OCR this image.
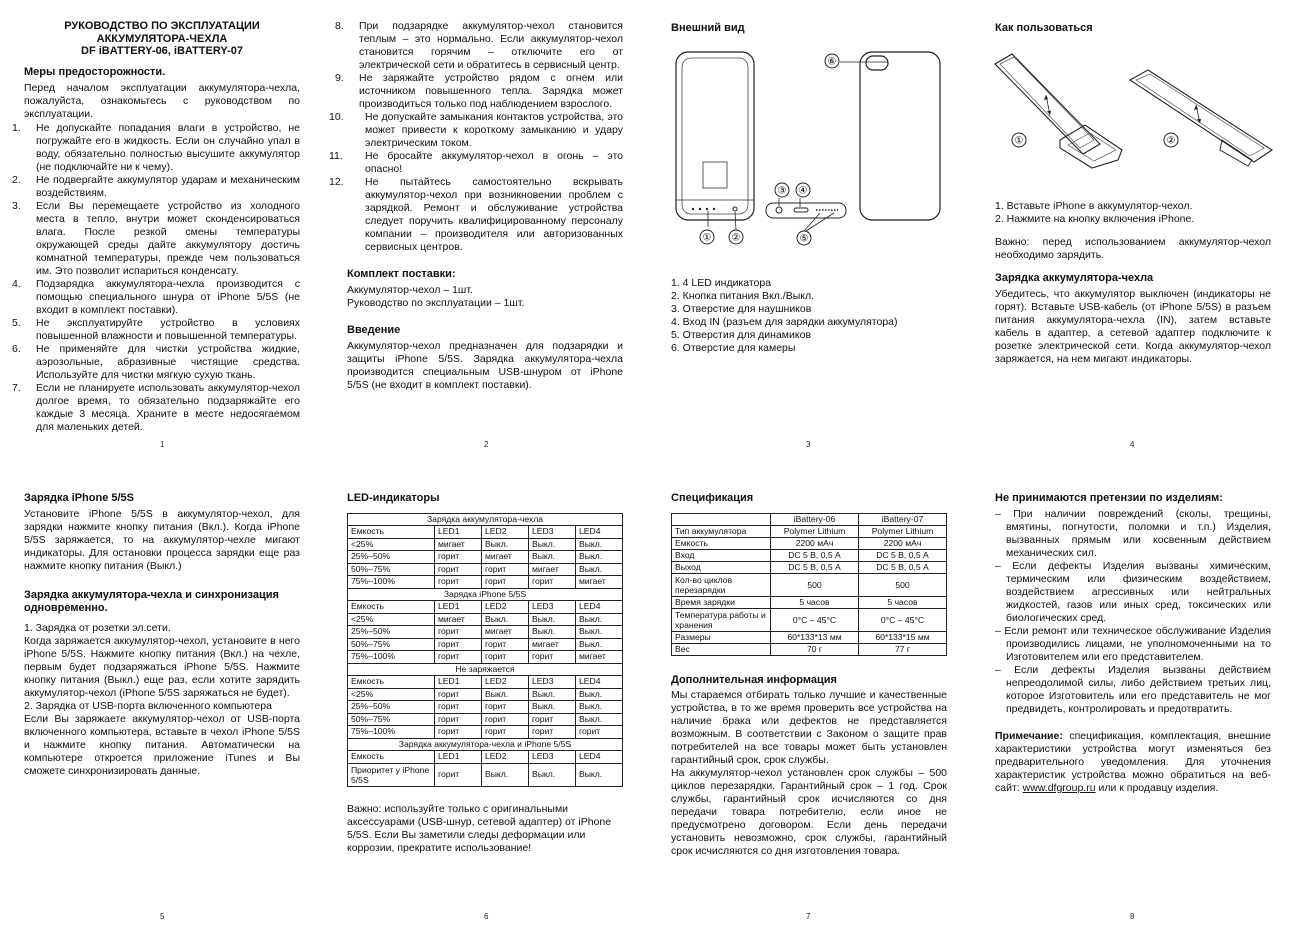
РУКОВОДСТВО ПО ЭКСПЛУАТАЦИИ
АККУМУЛЯТОРА-ЧЕХЛА
DF iBATTERY-06, iBATTERY-07
Меры предосторожности.

Перед началом эксплуатации аккумулятора-чехла, пожалуйста, ознакомьтесь с руководством по эксплуатации.

1. Не допускайте попадания влаги в устройство, не погружайте его в жидкость. Если он случайно упал в воду, обязательно полностью высушите аккумулятор (не подключайте ни к чему).
2. Не подвергайте аккумулятор ударам и механическим воздействиям.
3. Если Вы перемещаете устройство из холодного места в тепло, внутри может сконденсироваться влага. После резкой смены температуры окружающей среды дайте аккумулятору достичь комнатной температуры, прежде чем пользоваться им. Это позволит испариться конденсату.
4. Подзарядка аккумулятора-чехла производится с помощью специального шнура от iPhone 5/5S (не входит в комплект поставки).
5. Не эксплуатируйте устройство в условиях повышенной влажности и повышенной температуры.
6. Не применяйте для чистки устройства жидкие, аэрозольные, абразивные чистящие средства. Используйте для чистки мягкую сухую ткань.
7. Если не планируете использовать аккумулятор-чехол долгое время, то обязательно подзаряжайте его каждые 3 месяца. Храните в месте недосягаемом для маленьких детей.
1
8. При подзарядке аккумулятор-чехол становится теплым – это нормально. Если аккумулятор-чехол становится горячим – отключите его от электрической сети и обратитесь в сервисный центр.
9. Не заряжайте устройство рядом с огнем или источником повышенного тепла. Зарядка может производиться только под наблюдением взрослого.
10. Не допускайте замыкания контактов устройства, это может привести к короткому замыканию и удару электрическим током.
11. Не бросайте аккумулятор-чехол в огонь – это опасно!
12. Не пытайтесь самостоятельно вскрывать аккумулятор-чехол при возникновении проблем с зарядкой. Ремонт и обслуживание устройства следует поручить квалифицированному персоналу компании – производителя или авторизованных сервисных центров.
Комплект поставки:
Аккумулятор-чехол – 1шт.
Руководство по эксплуатации – 1шт.
Введение

Аккумулятор-чехол предназначен для подзарядки и защиты iPhone 5/5S. Зарядка аккумулятора-чехла производится специальным USB-шнуром от iPhone 5/5S (не входит в комплект поставки).

2
Внешний вид
① ②
③ ④
⑤
⑥
1. 4 LED индикатора
2. Кнопка питания Вкл./Выкл.
3. Отверстие для наушников
4. Вход IN (разъем для зарядки аккумулятора)
5. Отверстия для динамиков
6. Отверстие для камеры
3
Как пользоваться
①	②
1. Вставьте iPhone в аккумулятор-чехол.
2. Нажмите на кнопку включения iPhone.

Важно: перед использованием аккумулятор-чехол необходимо зарядить.

Зарядка аккумулятора-чехла

Убедитесь, что аккумулятор выключен (индикаторы не горят). Вставьте USB-кабель (от iPhone 5/5S) в разъем питания аккумулятора-чехла (IN), затем вставьте кабель в адаптер, а сетевой адаптер подключите к розетке электрической сети. Когда аккумулятор-чехол заряжается, на нем мигают индикаторы.

4
Зарядка iPhone 5/5S

Установите iPhone 5/5S в аккумулятор-чехол, для зарядки нажмите кнопку питания (Вкл.). Когда iPhone 5/5S заряжается, то на аккумулятор-чехле мигают индикаторы. Для остановки процесса зарядки еще раз нажмите кнопку питания (Выкл.)

Зарядка аккумулятора-чехла и синхронизация одновременно.
1. Зарядка от розетки эл.сети.
Когда заряжается аккумулятор-чехол, установите в него iPhone 5/5S. Нажмите кнопку питания (Вкл.) на чехле, первым будет подзаряжаться iPhone 5/5S. Нажмите кнопку питания (Выкл.) еще раз, если хотите зарядить аккумулятор-чехол (iPhone 5/5S заряжаться не будет).
2. Зарядка от USB-порта включенного компьютера
Если Вы заряжаете аккумулятор-чехол от USB-порта включенного компьютера, вставьте в чехол iPhone 5/5S и нажмите кнопку питания. Автоматически на компьютере откроется приложение iTunes и Вы сможете синхронизировать данные.
5
LED-индикаторы
Зарядка аккумулятора-чехла				
Емкость	LED1	LED2	LED3	LED4
<25%	мигает	Выкл.	Выкл.	Выкл.
25%–50%	горит	мигает	Выкл.	Выкл.
50%–75%	горит	горит	мигает	Выкл.
75%–100%	горит	горит	горит	мигает
Зарядка iPhone 5/5S				
Емкость	LED1	LED2	LED3	LED4
<25%	мигает	Выкл.	Выкл.	Выкл.
25%–50%	горит	мигает	Выкл.	Выкл.
50%–75%	горит	горит	мигает	Выкл.
75%–100%	горит	горит	горит	мигает
Не заряжается				
Емкость	LED1	LED2	LED3	LED4
<25%	горит	Выкл.	Выкл.	Выкл.
25%–50%	горит	горит	Выкл.	Выкл.
50%–75%	горит	горит	горит	Выкл.
75%–100%	горит	горит	горит	горит
Зарядка аккумулятора-чехла и iPhone 5/5S				
Емкость	LED1	LED2	LED3	LED4
Приоритет у iPhone 5/5S	горит	Выкл.	Выкл.	Выкл.

Важно: используйте только с оригинальными аксессуарами (USB-шнур, сетевой адаптер) от iPhone 5/5S. Если Вы заметили следы деформации или коррозии, прекратите использование!

6
Спецификация
	iBattery-06	iBattery-07
Тип аккумулятора	Polymer Lithium	Polymer Lithium
Емкость	2200 мАч	2200 мАч
Вход	DC 5 В, 0,5 А	DC 5 В, 0,5 А
Выход	DC 5 В, 0,5 А	DC 5 В, 0,5 А
Кол-во циклов перезарядки	500	500
Время зарядки	5 часов	5 часов
Температура работы и хранения	0°C – 45°C	0°C – 45°C
Размеры	60*133*13 мм	60*133*15 мм
Вес	70 г	77 г
Дополнительная информация

Мы стараемся отбирать только лучшие и качественные устройства, в то же время проверить все устройства на наличие брака или дефектов не представляется возможным. В соответствии с Законом о защите прав потребителей на все товары может быть установлен гарантийный срок, срок службы.

На аккумулятор-чехол установлен срок службы – 500 циклов перезарядки. Гарантийный срок – 1 год. Срок службы, гарантийный срок исчисляются со дня передачи товара потребителю, если иное не предусмотрено договором. Если день передачи установить невозможно, срок службы, гарантийный срок исчисляются со дня изготовления товара.

7
Не принимаются претензии по изделиям:
– При наличии повреждений (сколы, трещины, вмятины, погнутости, поломки и т.п.) Изделия, вызванных прямым или косвенным действием механических сил.
– Если дефекты Изделия вызваны химическим, термическим или физическим воздействием, воздействием агрессивных или нейтральных жидкостей, газов или иных сред, токсических или биологических сред.
– Если ремонт или техническое обслуживание Изделия производились лицами, не уполномоченными на то Изготовителем или его представителем.
– Если дефекты Изделия вызваны действием непреодолимой силы, либо действием третьих лиц, которое Изготовитель или его представитель не мог предвидеть, контролировать и предотвратить.

Примечание: спецификация, комплектация, внешние характеристики устройства могут изменяться без предварительного уведомления. Для уточнения характеристик устройства можно обратиться на веб-сайт: www.dfgroup.ru или к продавцу изделия.

8
